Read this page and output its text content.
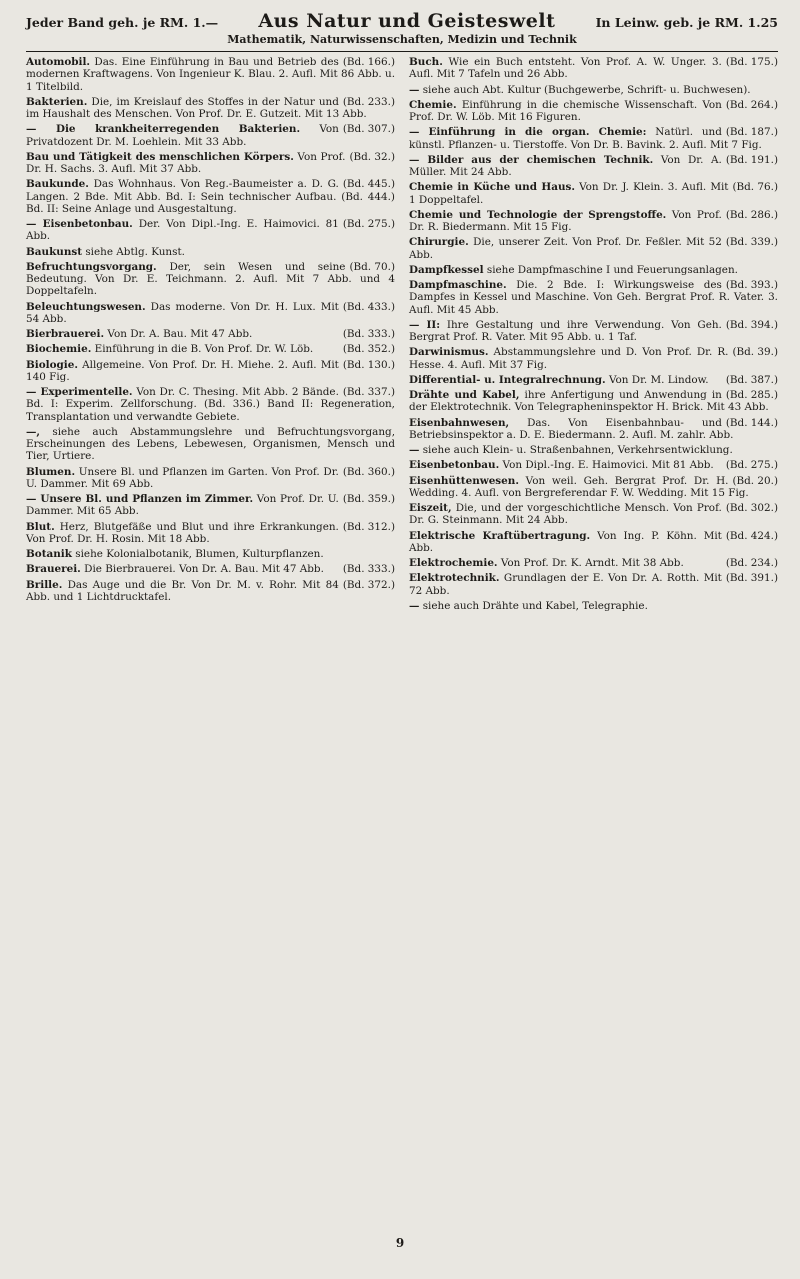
Jeder Band geh. je RM. 1.— Aus Natur und Geisteswelt	In Leinw. geb. je RM. 1.25
Mathematik, Naturwissenschaften, Medizin und Technik

(Bd. 166.)
Automobil. Das. Eine Einführung in Bau und Betrieb des modernen Kraftwagens. Von Ingenieur K. Blau. 2. Aufl. Mit 86 Abb. u. 1 Titelbild.

(Bd. 233.)
Bakterien. Die, im Kreislauf des Stoffes in der Natur und im Haushalt des Menschen. Von Prof. Dr. E. Gutzeit. Mit 13 Abb.

(Bd. 307.)
— Die krankheiterregenden Bakterien. Von Privatdozent Dr. M. Loehlein. Mit 33 Abb.

(Bd. 32.)
Bau und Tätigkeit des menschlichen Körpers. Von Prof. Dr. H. Sachs. 3. Aufl. Mit 37 Abb.

(Bd. 445.)
Baukunde. Das Wohnhaus. Von Reg.-Baumeister a. D. G. Langen. 2 Bde. Mit Abb. Bd. I: Sein technischer Aufbau. (Bd. 444.) Bd. II: Seine Anlage und Ausgestaltung.

(Bd. 275.)
— Eisenbetonbau. Der. Von Dipl.-Ing. E. Haimovici. 81 Abb.

Baukunst siehe Abtlg. Kunst.

(Bd. 70.)
Befruchtungsvorgang. Der, sein Wesen und seine Bedeutung. Von Dr. E. Teichmann. 2. Aufl. Mit 7 Abb. und 4 Doppeltafeln.

(Bd. 433.)
Beleuchtungswesen. Das moderne. Von Dr. H. Lux. Mit 54 Abb.

(Bd. 333.)
Bierbrauerei. Von Dr. A. Bau. Mit 47 Abb.

(Bd. 352.)
Biochemie. Einführung in die B. Von Prof. Dr. W. Löb.

(Bd. 130.)
Biologie. Allgemeine. Von Prof. Dr. H. Miehe. 2. Aufl. Mit 140 Fig.

(Bd. 337.)
— Experimentelle. Von Dr. C. Thesing. Mit Abb. 2 Bände. Bd. I: Experim. Zellforschung. (Bd. 336.) Band II: Regeneration, Transplantation und verwandte Gebiete.

—, siehe auch Abstammungslehre und Befruchtungsvorgang, Erscheinungen des Lebens, Lebewesen, Organismen, Mensch und Tier, Urtiere.

(Bd. 360.)
Blumen. Unsere Bl. und Pflanzen im Garten. Von Prof. Dr. U. Dammer. Mit 69 Abb.

(Bd. 359.)
— Unsere Bl. und Pflanzen im Zimmer. Von Prof. Dr. U. Dammer. Mit 65 Abb.

(Bd. 312.)
Blut. Herz, Blutgefäße und Blut und ihre Erkrankungen. Von Prof. Dr. H. Rosin. Mit 18 Abb.

Botanik siehe Kolonialbotanik, Blumen, Kulturpflanzen.

(Bd. 333.)
Brauerei. Die Bierbrauerei. Von Dr. A. Bau. Mit 47 Abb.

(Bd. 372.)
Brille. Das Auge und die Br. Von Dr. M. v. Rohr. Mit 84 Abb. und 1 Lichtdrucktafel.

(Bd. 175.)
Buch. Wie ein Buch entsteht. Von Prof. A. W. Unger. 3. Aufl. Mit 7 Tafeln und 26 Abb.

— siehe auch Abt. Kultur (Buchgewerbe, Schrift- u. Buchwesen).

(Bd. 264.)
Chemie. Einführung in die chemische Wissenschaft. Von Prof. Dr. W. Löb. Mit 16 Figuren.

(Bd. 187.)
— Einführung in die organ. Chemie: Natürl. und künstl. Pflanzen- u. Tierstoffe. Von Dr. B. Bavink. 2. Aufl. Mit 7 Fig.

(Bd. 191.)
— Bilder aus der chemischen Technik. Von Dr. A. Müller. Mit 24 Abb.

(Bd. 76.)
Chemie in Küche und Haus. Von Dr. J. Klein. 3. Aufl. Mit 1 Doppeltafel.

(Bd. 286.)
Chemie und Technologie der Sprengstoffe. Von Prof. Dr. R. Biedermann. Mit 15 Fig.

(Bd. 339.)
Chirurgie. Die, unserer Zeit. Von Prof. Dr. Feßler. Mit 52 Abb.

Dampfkessel siehe Dampfmaschine I und Feuerungsanlagen.

(Bd. 393.)
Dampfmaschine. Die. 2 Bde. I: Wirkungsweise des Dampfes in Kessel und Maschine. Von Geh. Bergrat Prof. R. Vater. 3. Aufl. Mit 45 Abb.

(Bd. 394.)
— II: Ihre Gestaltung und ihre Verwendung. Von Geh. Bergrat Prof. R. Vater. Mit 95 Abb. u. 1 Taf.

(Bd. 39.)
Darwinismus. Abstammungslehre und D. Von Prof. Dr. R. Hesse. 4. Aufl. Mit 37 Fig.

(Bd. 387.)
Differential- u. Integralrechnung. Von Dr. M. Lindow.

(Bd. 285.)
Drähte und Kabel, ihre Anfertigung und Anwendung in der Elektrotechnik. Von Telegrapheninspektor H. Brick. Mit 43 Abb.

(Bd. 144.)
Eisenbahnwesen, Das. Von Eisenbahnbau- und Betriebsinspektor a. D. E. Biedermann. 2. Aufl. M. zahlr. Abb.

— siehe auch Klein- u. Straßenbahnen, Verkehrsentwicklung.

(Bd. 275.)
Eisenbetonbau. Von Dipl.-Ing. E. Haimovici. Mit 81 Abb.

(Bd. 20.)
Eisenhüttenwesen. Von weil. Geh. Bergrat Prof. Dr. H. Wedding. 4. Aufl. von Bergreferendar F. W. Wedding. Mit 15 Fig.

(Bd. 302.)
Eiszeit, Die, und der vorgeschichtliche Mensch. Von Prof. Dr. G. Steinmann. Mit 24 Abb.

(Bd. 424.)
Elektrische Kraftübertragung. Von Ing. P. Köhn. Mit Abb.

(Bd. 234.)
Elektrochemie. Von Prof. Dr. K. Arndt. Mit 38 Abb.

(Bd. 391.)
Elektrotechnik. Grundlagen der E. Von Dr. A. Rotth. Mit 72 Abb.

— siehe auch Drähte und Kabel, Telegraphie.

9
